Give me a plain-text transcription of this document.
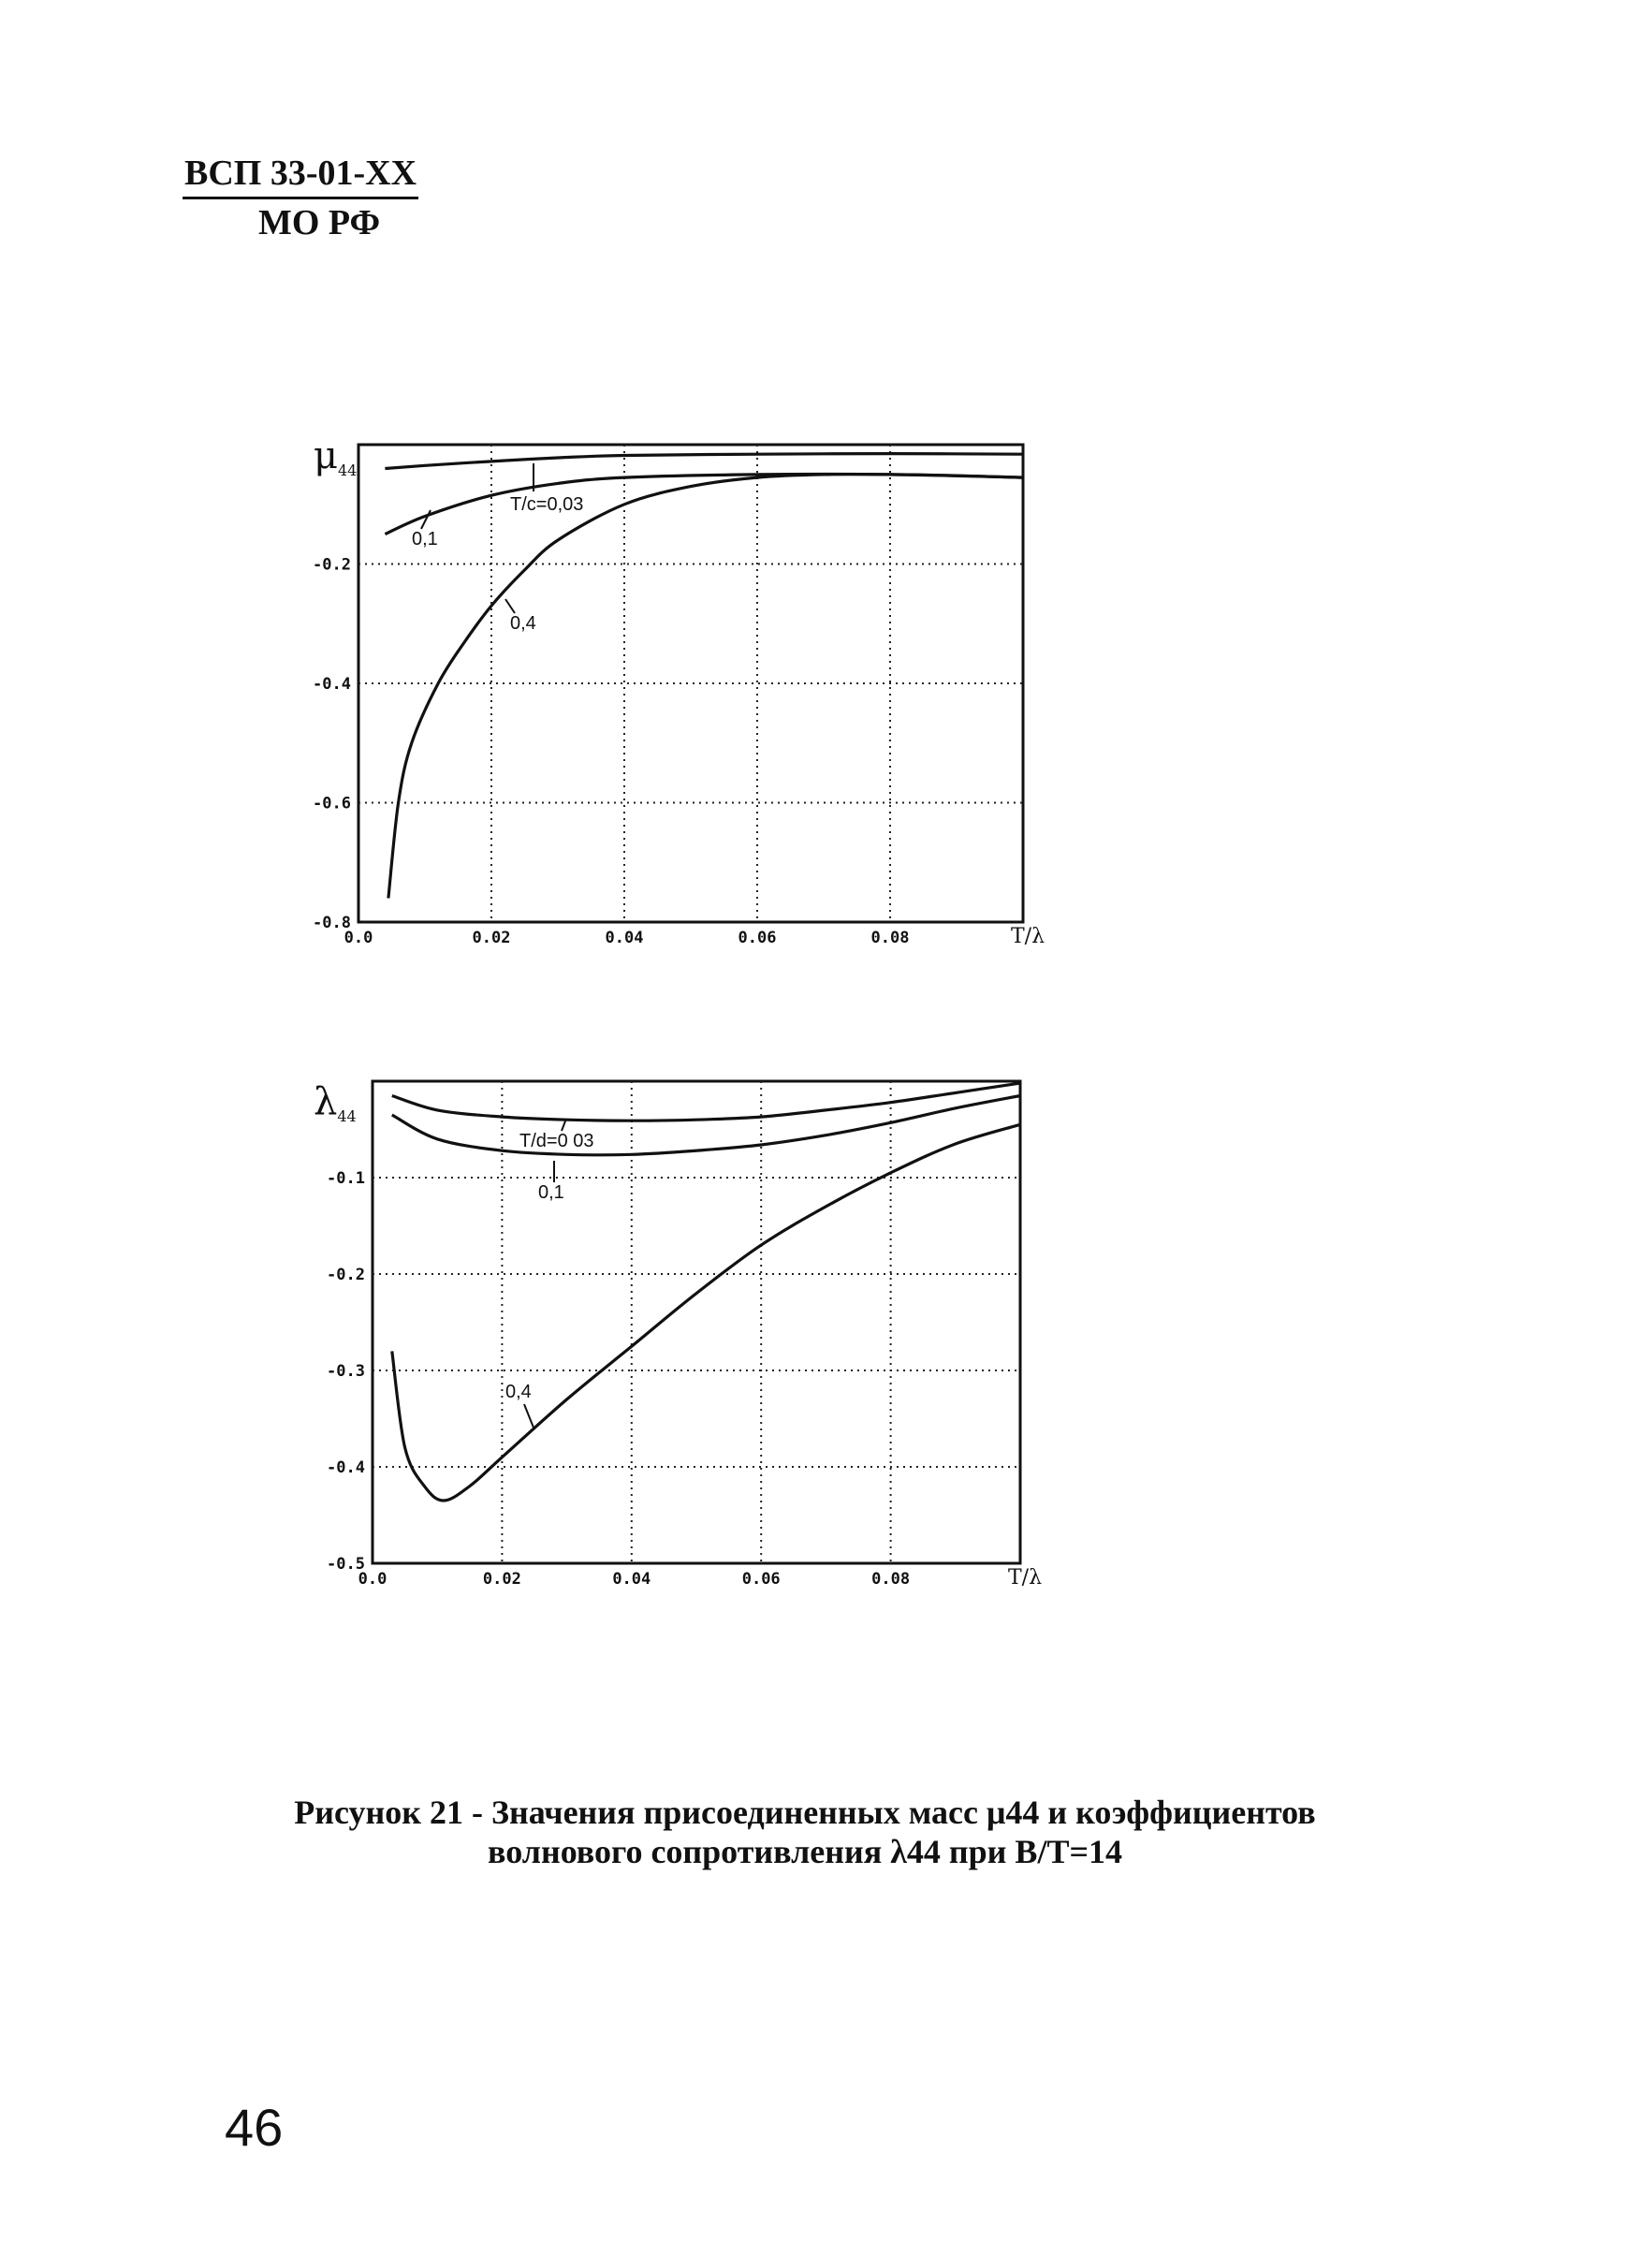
ВСП 33-01-ХХ
МО РФ
-0.2
-0.4
-0.6
-0.8
0.0	0.02	0.04	0.06	0.08	T/λ
$\mu_{44}$
T/c=0,03
0,1
0,4
-0.1
-0.2
-0.3
-0.4
-0.5
0.0	0.02	0.04	0.06	0.08	T/λ
$\lambda_{44}$
T/d=0 03
0,1
0,4
Рисунок 21 - Значения присоединенных масс μ44 и коэффициентов
волнового сопротивления λ44 при B/T=14
46
